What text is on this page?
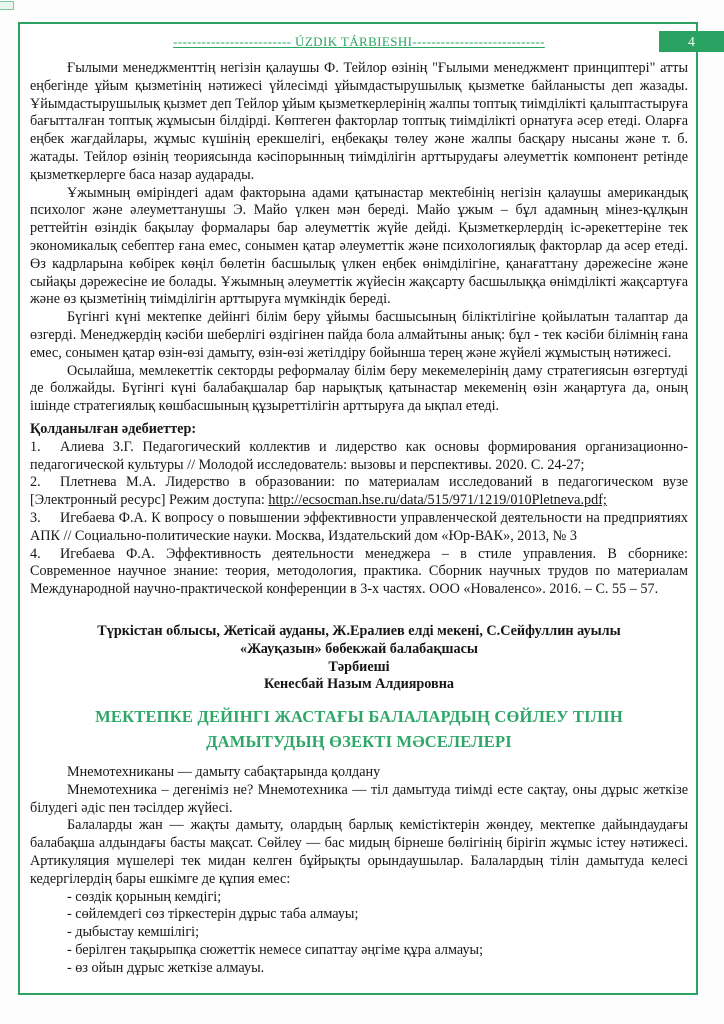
4
------------------------- ÚZDIK TÁRBIESHI----------------------------

Ғылыми менеджменттің негізін қалаушы Ф. Тейлор өзінің "Ғылыми менеджмент принциптері" атты еңбегінде ұйым қызметінің нәтижесі үйлесімді ұйымдастырушылық қызметке байланысты деп жазады. Ұйымдастырушылық қызмет деп Тейлор ұйым қызметкерлерінің жалпы топтық тиімділікті қалыптастыруға бағытталған топтық жұмысын білдірді. Көптеген факторлар топтық тиімділікті орнатуға әсер етеді. Оларға еңбек жағдайлары, жұмыс күшінің ерекшелігі, еңбекақы төлеу және жалпы басқару нысаны және т. б. жатады. Тейлор өзінің теориясында кәсіпорынның тиімділігін арттырудағы әлеуметтік компонент ретінде қызметкерлерге баса назар аударады.

Ұжымның өміріндегі адам факторына адами қатынастар мектебінің негізін қалаушы американдық психолог және әлеуметтанушы Э. Майо үлкен мән береді. Майо ұжым – бұл адамның мінез-құлқын реттейтін өзіндік бақылау формалары бар әлеуметтік жүйе дейді. Қызметкерлердің іс-әрекеттеріне тек экономикалық себептер ғана емес, сонымен қатар әлеуметтік және психологиялық факторлар да әсер етеді. Өз кадрларына көбірек көңіл бөлетін басшылық үлкен еңбек өнімділігіне, қанағаттану дәрежесіне және сыйақы дәрежесіне ие болады. Ұжымның әлеуметтік жүйесін жақсарту басшылыққа өнімділікті жақсартуға және өз қызметінің тиімділігін арттыруға мүмкіндік береді.

Бүгінгі күні мектепке дейінгі білім беру ұйымы басшысының біліктілігіне қойылатын талаптар да өзгерді. Менеджердің кәсіби шеберлігі өздігінен пайда бола алмайтыны анық: бұл - тек кәсіби білімнің ғана емес, сонымен қатар өзін-өзі дамыту, өзін-өзі жетілдіру бойынша терең және жүйелі жұмыстың нәтижесі.

Осылайша, мемлекеттік секторды реформалау білім беру мекемелерінің даму стратегиясын өзгертуді де болжайды. Бүгінгі күні балабақшалар бар нарықтық қатынастар мекеменің өзін жаңартуға да, оның ішінде стратегиялық көшбасшының құзыреттілігін арттыруға да ықпал етеді.

Қолданылған әдебиеттер:

1. Алиева З.Г. Педагогический коллектив и лидерство как основы формирования организационно-педагогической культуры // Молодой исследователь: вызовы и перспективы. 2020. С. 24-27;
2. Плетнева М.А. Лидерство в образовании: по материалам исследований в педагогическом вузе [Электронный ресурс] Режим доступа: http://ecsocman.hse.ru/data/515/971/1219/010Pletneva.pdf;
3. Игебаева Ф.А. К вопросу о повышении эффективности управленческой деятельности на предприятиях АПК // Социально-политические науки. Москва, Издательский дом «Юр-ВАК», 2013, № 3
4. Игебаева Ф.А. Эффективность деятельности менеджера – в стиле управления. В сборнике: Современное научное знание: теория, методология, практика. Сборник научных трудов по материалам Международной научно-практической конференции в 3-х частях. ООО «Новаленсо». 2016. – С. 55 – 57.
Түркістан облысы, Жетісай ауданы, Ж.Ералиев елді мекені, С.Сейфуллин ауылы
«Жауқазын» бөбекжай балабақшасы
Тәрбиеші
Кенесбай Назым Алдияровна
МЕКТЕПКЕ ДЕЙІНГІ ЖАСТАҒЫ БАЛАЛАРДЫҢ СӨЙЛЕУ ТІЛІН
ДАМЫТУДЫҢ ӨЗЕКТІ МӘСЕЛЕЛЕРІ

Мнемотехниканы — дамыту сабақтарында қолдану

Мнемотехника – дегеніміз не? Мнемотехника — тіл дамытуда тиімді есте сақтау, оны дұрыс жеткізе білудегі әдіс пен тәсілдер жүйесі.

Балаларды жан — жақты дамыту, олардың барлық кемістіктерін жөндеу, мектепке дайындаудағы балабақша алдындағы басты мақсат. Сөйлеу — бас мидың бірнеше бөлігінің бірігіп жұмыс істеу нәтижесі. Артикуляция мүшелері тек мидан келген бұйрықты орындаушылар. Балалардың тілін дамытуда келесі кедергілердің бары ешкімге де құпия емес:

- сөздік қорының кемдігі;
- сөйлемдегі сөз тіркестерін дұрыс таба алмауы;
- дыбыстау кемшілігі;
- берілген тақырыпқа сюжеттік немесе сипаттау әңгіме құра алмауы;
- өз ойын дұрыс жеткізе алмауы.
